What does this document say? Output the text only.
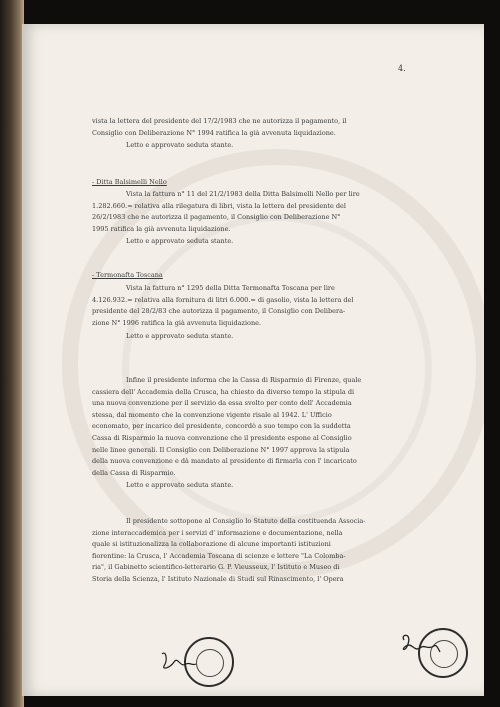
4.

vista la lettera del presidente del 17/2/1983 che ne autorizza il pagamento, il

Consiglio con Deliberazione N° 1994 ratifica la già avvenuta liquidazione.

Letto e approvato seduta stante.

- Ditta Balsimelli Nello

Vista la fattura n° 11 del 21/2/1983 della Ditta Balsimelli Nello per lire

1.282.660.= relativa alla rilegatura di libri, vista la lettera del presidente del

26/2/1983 che ne autorizza il pagamento, il Consiglio con Deliberazione N°

1995 ratifica la già avvenuta liquidazione.

Letto e approvato seduta stante.

- Termonafta Toscana

Vista la fattura n° 1295 della Ditta Termonafta Toscana per lire

4.126.932.= relativa alla fornitura di litri 6.000.= di gasolio, vista la lettera del

presidente del 28/2/83 che autorizza il pagamento, il Consiglio con Delibera-

zione N° 1996 ratifica la già avvenuta liquidazione.

Letto e approvato seduta stante.

Infine il presidente informa che la Cassa di Risparmio di Firenze, quale

cassiera dell' Accademia della Crusca, ha chiesto da diverso tempo la stipula di

una nuova convenzione per il servizio da essa svolto per conto dell' Accademia

stessa, dal momento che la convenzione vigente risale al 1942. L' Ufficio

economato, per incarico del presidente, concordò a suo tempo con la suddetta

Cassa di Risparmio la nuova convenzione che il presidente espone al Consiglio

nelle linee generali. Il Consiglio con Deliberazione N° 1997 approva la stipula

della nuova convenzione e dà mandato al presidente di firmarla con l' incaricato

della Cassa di Risparmio.

Letto e approvato seduta stante.

Il presidente sottopone al Consiglio lo Statuto della costituenda Associa-

zione interaccademica per i servizi d' informazione e documentazione, nella

quale si istituzionalizza la collaborazione di alcune importanti istituzioni

fiorentine: la Crusca, l' Accademia Toscana di scienze e lettere "La Colomba-

ria", il Gabinetto scientifico-letterario G. P. Vieusseux, l' Istituto e Museo di

Storia della Scienza, l' Istituto Nazionale di Studi sul Rinascimento, l' Opera
